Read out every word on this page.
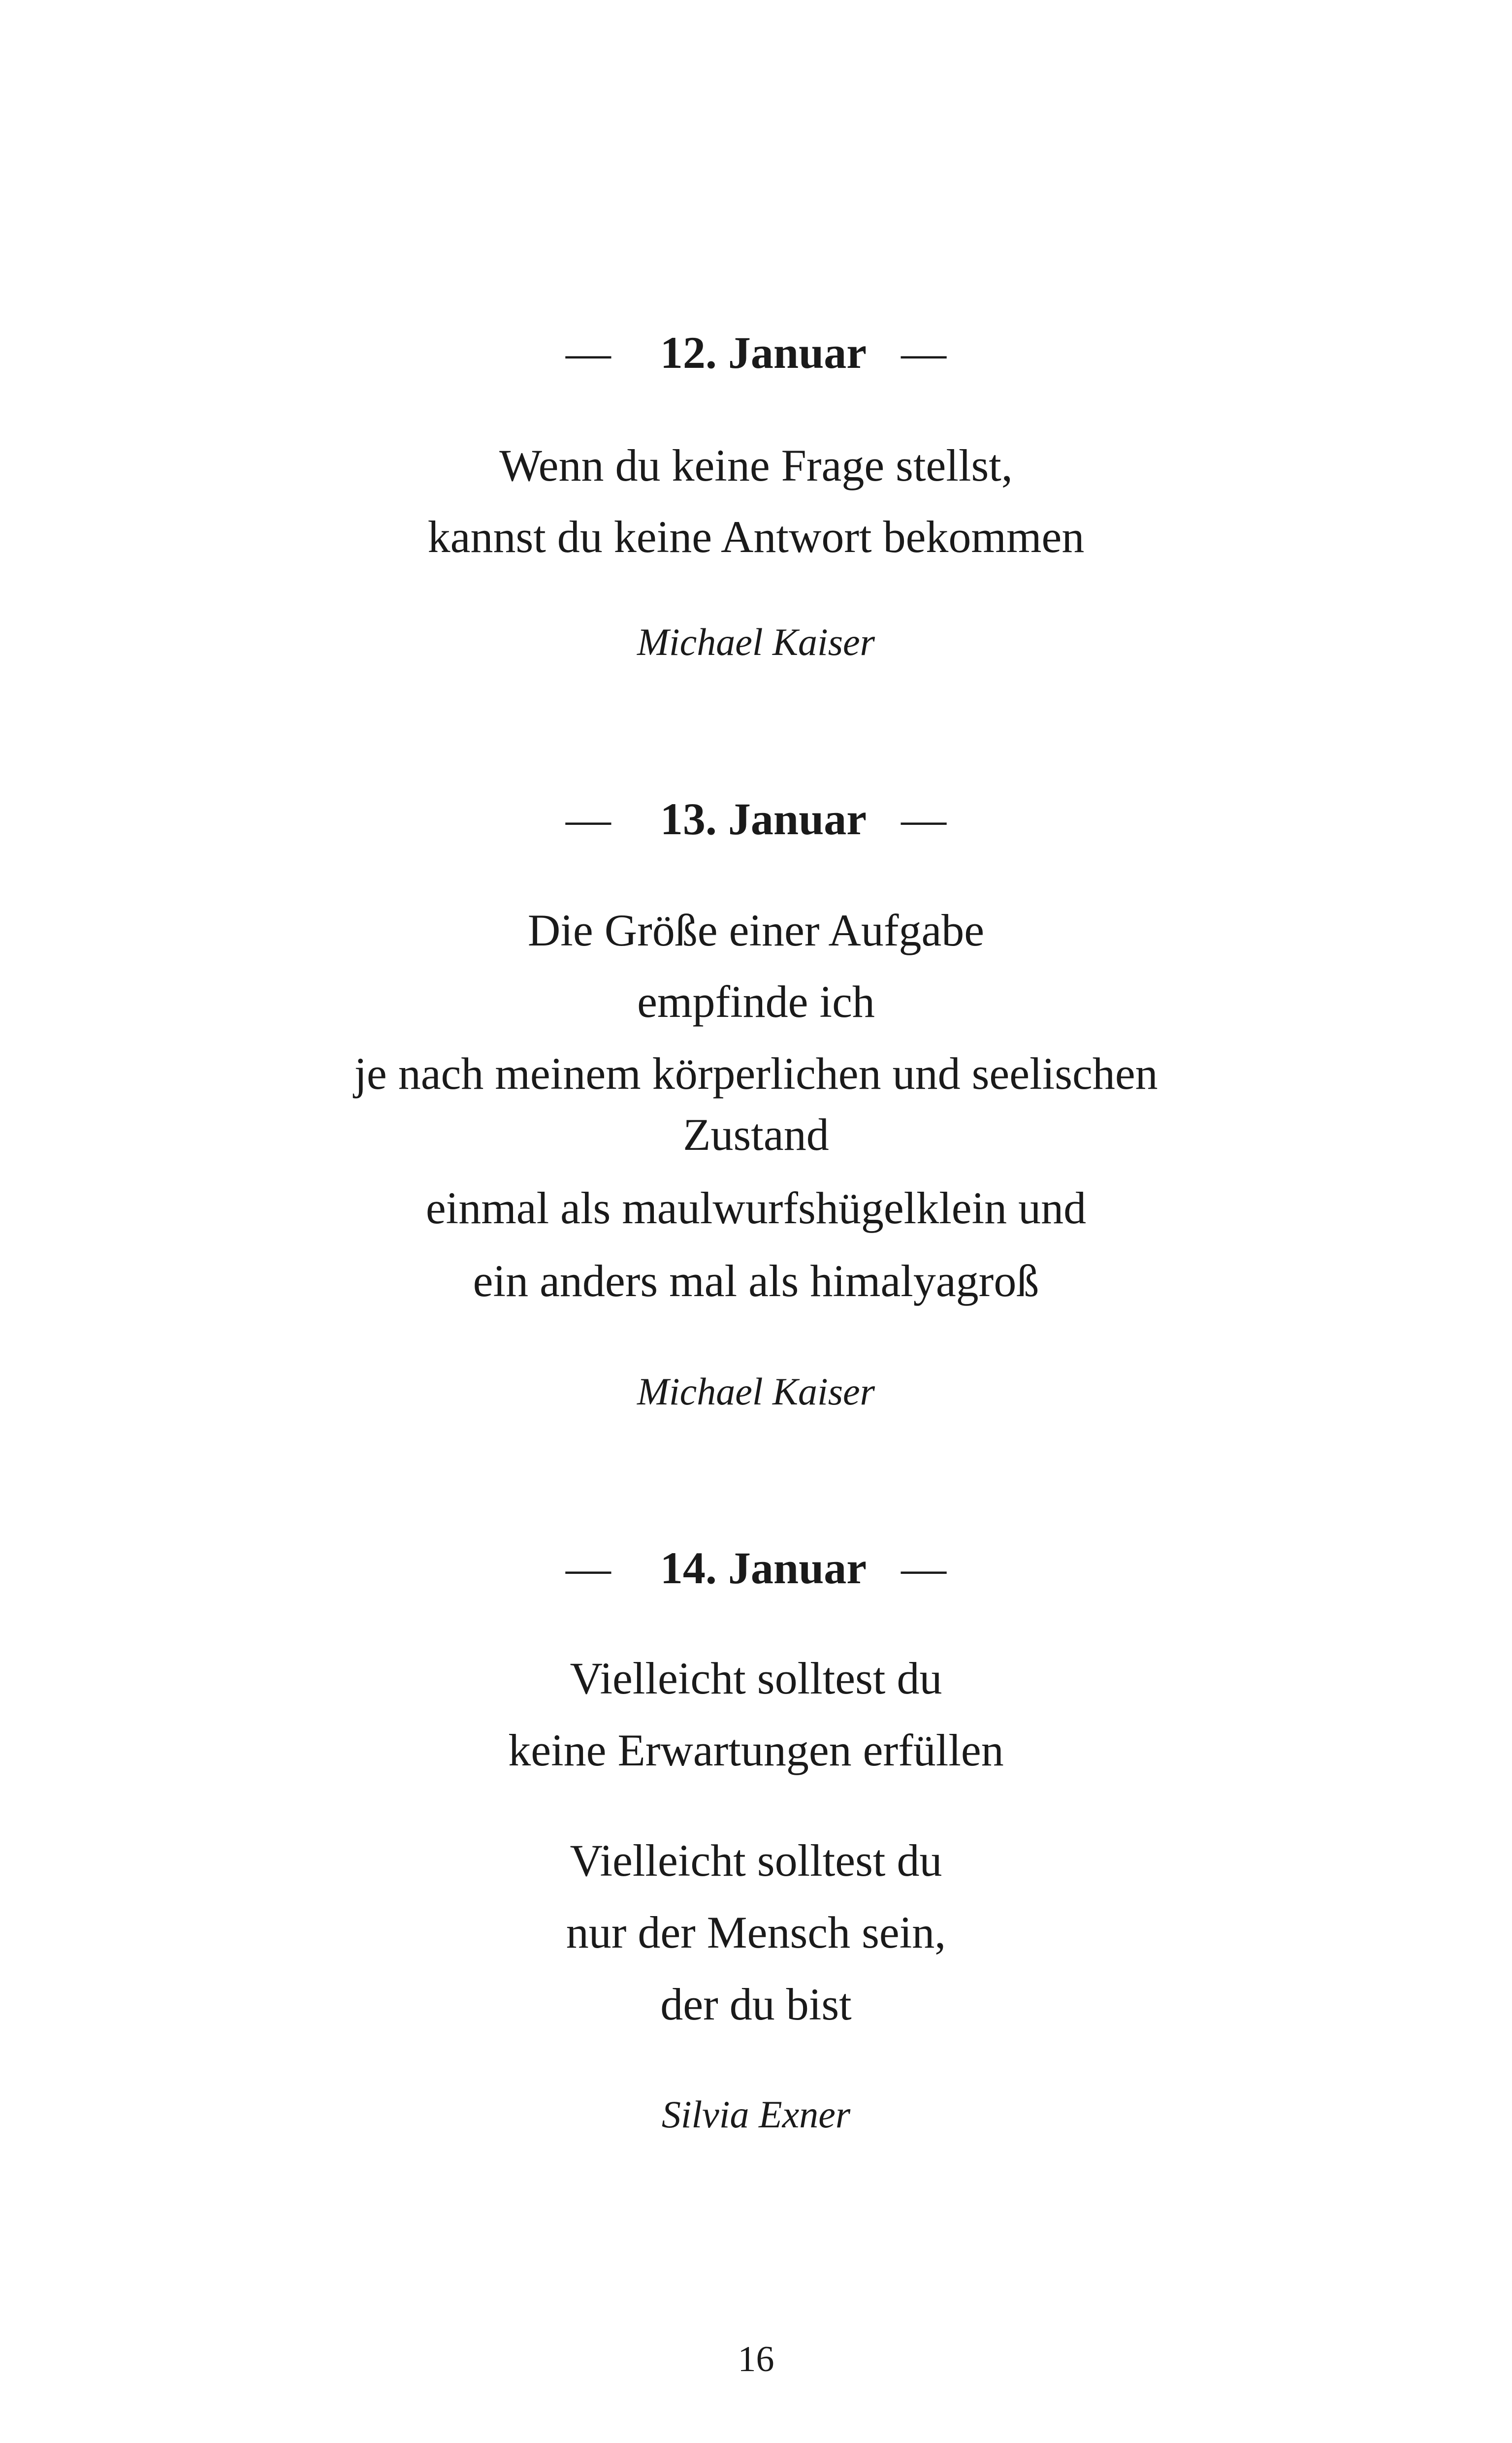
— 12. Januar —
Wenn du keine Frage stellst,
kannst du keine Antwort bekommen
Michael Kaiser
— 13. Januar —
Die Größe einer Aufgabe
empfinde ich
je nach meinem körperlichen und seelischen
Zustand
einmal als maulwurfshügelklein und
ein anders mal als himalyagroß
Michael Kaiser
— 14. Januar —
Vielleicht solltest du
keine Erwartungen erfüllen
Vielleicht solltest du
nur der Mensch sein,
der du bist
Silvia Exner
16
